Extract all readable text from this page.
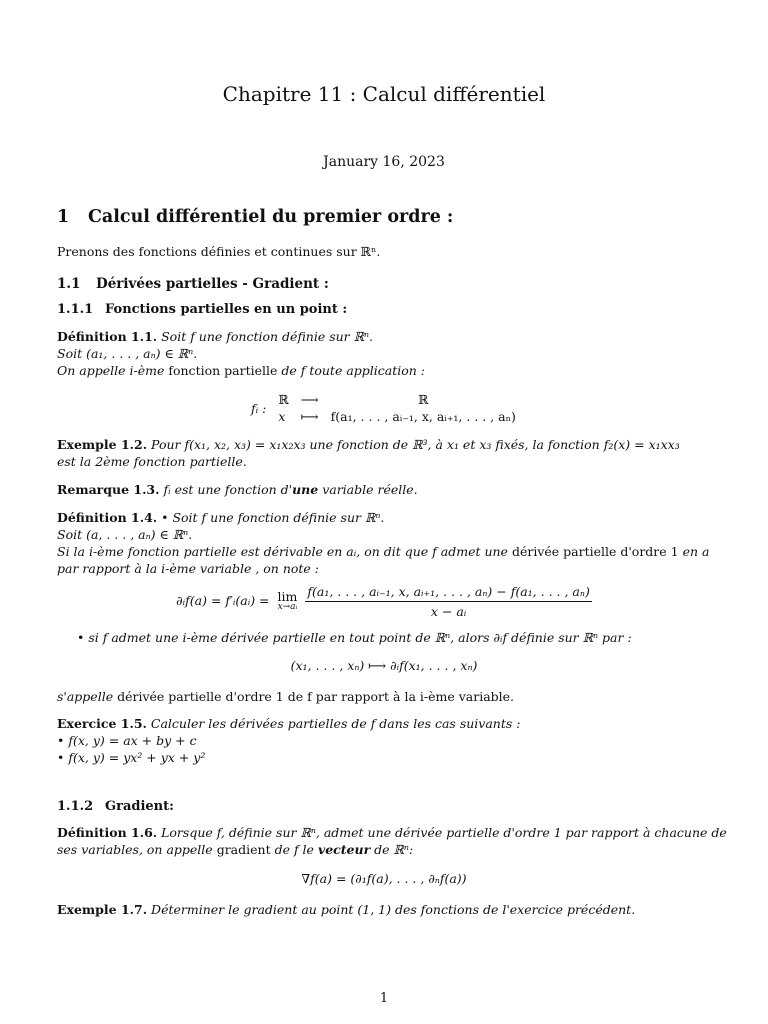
Chapitre 11 : Calcul différentiel
January 16, 2023
1 Calcul différentiel du premier ordre :
Prenons des fonctions définies et continues sur ℝⁿ.
1.1 Dérivées partielles - Gradient :
1.1.1 Fonctions partielles en un point :
Définition 1.1. Soit f une fonction définie sur ℝⁿ.
Soit (a₁, . . . , aₙ) ∈ ℝⁿ.
On appelle i-ème fonction partielle de f toute application :
fᵢ :	ℝ	⟶	ℝ
	x	⟼	f(a₁, . . . , aᵢ₋₁, x, aᵢ₊₁, . . . , aₙ)
Exemple 1.2. Pour f(x₁, x₂, x₃) = x₁x₂x₃ une fonction de ℝ³, à x₁ et x₃ fixés, la fonction f₂(x) = x₁xx₃
est la 2ème fonction partielle.
Remarque 1.3. fᵢ est une fonction d'une variable réelle.
Définition 1.4. • Soit f une fonction définie sur ℝⁿ.
Soit (a, . . . , aₙ) ∈ ℝⁿ.
Si la i-ème fonction partielle est dérivable en aᵢ, on dit que f admet une dérivée partielle d'ordre 1 en a
par rapport à la i-ème variable , on note :
∂ᵢf(a) = f′ᵢ(aᵢ) = lim
x→aᵢ
$\frac{\text{f(a₁, . . . , aᵢ₋₁, x, aᵢ₊₁, . . . , aₙ) − f(a₁, . . . , aₙ)}}{\text{x − aᵢ}}$
• si f admet une i-ème dérivée partielle en tout point de ℝⁿ, alors ∂ᵢf définie sur ℝⁿ par :
(x₁, . . . , xₙ) ⟼ ∂ᵢf(x₁, . . . , xₙ)
s'appelle dérivée partielle d'ordre 1 de f par rapport à la i-ème variable.
Exercice 1.5. Calculer les dérivées partielles de f dans les cas suivants :
• f(x, y) = ax + by + c
• f(x, y) = yx² + yx + y²
1.1.2 Gradient:
Définition 1.6. Lorsque f, définie sur ℝⁿ, admet une dérivée partielle d'ordre 1 par rapport à chacune de
ses variables, on appelle gradient de f le vecteur de ℝⁿ:
∇f(a) = (∂₁f(a), . . . , ∂ₙf(a))
Exemple 1.7. Déterminer le gradient au point (1, 1) des fonctions de l'exercice précédent.
1
